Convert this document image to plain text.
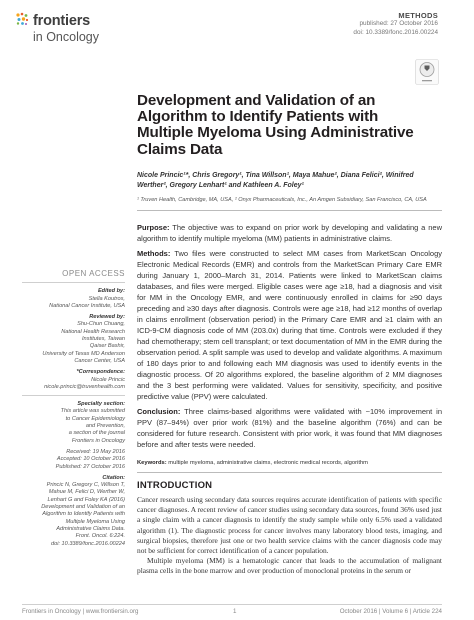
frontiers
in Oncology
METHODS
published: 27 October 2016
doi: 10.3389/fonc.2016.00224
Development and Validation of an Algorithm to Identify Patients with Multiple Myeloma Using Administrative Claims Data
Nicole Princic¹*, Chris Gregory¹, Tina Willson¹, Maya Mahue², Diana Felici², Winifred Werther², Gregory Lenhart¹ and Kathleen A. Foley¹
¹ Truven Health, Cambridge, MA, USA, ² Onyx Pharmaceuticals, Inc., An Amgen Subsidiary, San Francisco, CA, USA

Purpose: The objective was to expand on prior work by developing and validating a new algorithm to identify multiple myeloma (MM) patients in administrative claims.

Methods: Two files were constructed to select MM cases from MarketScan Oncology Electronic Medical Records (EMR) and controls from the MarketScan Primary Care EMR during January 1, 2000–March 31, 2014. Patients were linked to MarketScan claims databases, and files were merged. Eligible cases were age ≥18, had a diagnosis and visit for MM in the Oncology EMR, and were continuously enrolled in claims for ≥90 days preceding and ≥30 days after diagnosis. Controls were age ≥18, had ≥12 months of overlap in claims enrollment (observation period) in the Primary Care EMR and ≥1 claim with an ICD-9-CM diagnosis code of MM (203.0x) during that time. Controls were excluded if they had chemotherapy; stem cell transplant; or text documentation of MM in the EMR during the observation period. A split sample was used to develop and validate algorithms. A maximum of 180 days prior to and following each MM diagnosis was used to identify events in the diagnostic process. Of 20 algorithms explored, the baseline algorithm of 2 MM diagnoses and the 3 best performing were validated. Values for sensitivity, specificity, and positive predictive value (PPV) were calculated.

Conclusion: Three claims-based algorithms were validated with ~10% improvement in PPV (87–94%) over prior work (81%) and the baseline algorithm (76%) and can be considered for future research. Consistent with prior work, it was found that MM diagnoses before and after tests were needed.

Keywords: multiple myeloma, administrative claims, electronic medical records, algorithm
OPEN ACCESS
Edited by:
Stella Koutros,
National Cancer Institute, USA
Reviewed by:
Shu-Chun Chuang,
National Health Research
Institutes, Taiwan
Qaiser Bashir,
University of Texas MD Anderson
Cancer Center, USA
*Correspondence:
Nicole Princic
nicole.princic@truvenhealth.com
Specialty section:
This article was submitted
to Cancer Epidemiology
and Prevention,
a section of the journal
Frontiers in Oncology
Received: 19 May 2016
Accepted: 10 October 2016
Published: 27 October 2016
Citation:
Princic N, Gregory C, Willson T,
Mahue M, Felici D, Werther W,
Lenhart G and Foley KA (2016)
Development and Validation of an
Algorithm to Identify Patients with
Multiple Myeloma Using
Administrative Claims Data.
Front. Oncol. 6:224.
doi: 10.3389/fonc.2016.00224
INTRODUCTION

Cancer research using secondary data sources requires accurate identification of patients with specific cancer diagnoses. A recent review of cancer studies using secondary data sources, found 36% used just a single claim with a cancer diagnosis to identify the study sample while only 6.5% used a validated algorithm (1). The diagnostic process for cancer involves many laboratory blood tests, imaging, and surgical biopsies, therefore just one or two health service claims with the cancer diagnosis code may not be sufficient for correct identification of a cancer population.

Multiple myeloma (MM) is a hematologic cancer that leads to the accumulation of malignant plasma cells in the bone marrow and over production of monoclonal proteins in the serum or

Frontiers in Oncology | www.frontiersin.org	1	October 2016 | Volume 6 | Article 224
